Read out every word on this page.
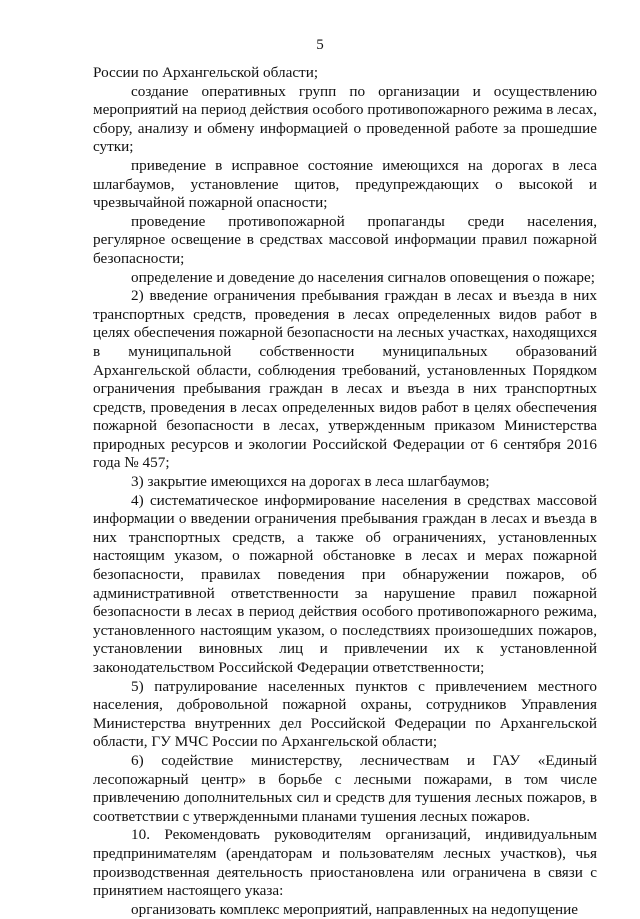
5

России по Архангельской области;

создание оперативных групп по организации и осуществлению мероприятий на период действия особого противопожарного режима в лесах, сбору, анализу и обмену информацией о проведенной работе за прошедшие сутки;

приведение в исправное состояние имеющихся на дорогах в леса шлагбаумов, установление щитов, предупреждающих о высокой и чрезвычайной пожарной опасности;

проведение противопожарной пропаганды среди населения, регулярное освещение в средствах массовой информации правил пожарной безопасности;

определение и доведение до населения сигналов оповещения о пожаре;

2) введение ограничения пребывания граждан в лесах и въезда в них транспортных средств, проведения в лесах определенных видов работ в целях обеспечения пожарной безопасности на лесных участках, находящихся в муниципальной собственности муниципальных образований Архангельской области, соблюдения требований, установленных Порядком ограничения пребывания граждан в лесах и въезда в них транспортных средств, проведения в лесах определенных видов работ в целях обеспечения пожарной безопасности в лесах, утвержденным приказом Министерства природных ресурсов и экологии Российской Федерации от 6 сентября 2016 года № 457;

3) закрытие имеющихся на дорогах в леса шлагбаумов;

4) систематическое информирование населения в средствах массовой информации о введении ограничения пребывания граждан в лесах и въезда в них транспортных средств, а также об ограничениях, установленных настоящим указом, о пожарной обстановке в лесах и мерах пожарной безопасности, правилах поведения при обнаружении пожаров, об административной ответственности за нарушение правил пожарной безопасности в лесах в период действия особого противопожарного режима, установленного настоящим указом, о последствиях произошедших пожаров, установлении виновных лиц и привлечении их к установленной законодательством Российской Федерации ответственности;

5) патрулирование населенных пунктов с привлечением местного населения, добровольной пожарной охраны, сотрудников Управления Министерства внутренних дел Российской Федерации по Архангельской области, ГУ МЧС России по Архангельской области;

6) содействие министерству, лесничествам и ГАУ «Единый лесопожарный центр» в борьбе с лесными пожарами, в том числе привлечению дополнительных сил и средств для тушения лесных пожаров, в соответствии с утвержденными планами тушения лесных пожаров.

10. Рекомендовать руководителям организаций, индивидуальным предпринимателям (арендаторам и пользователям лесных участков), чья производственная деятельность приостановлена или ограничена в связи с принятием настоящего указа:

организовать комплекс мероприятий, направленных на недопущение
